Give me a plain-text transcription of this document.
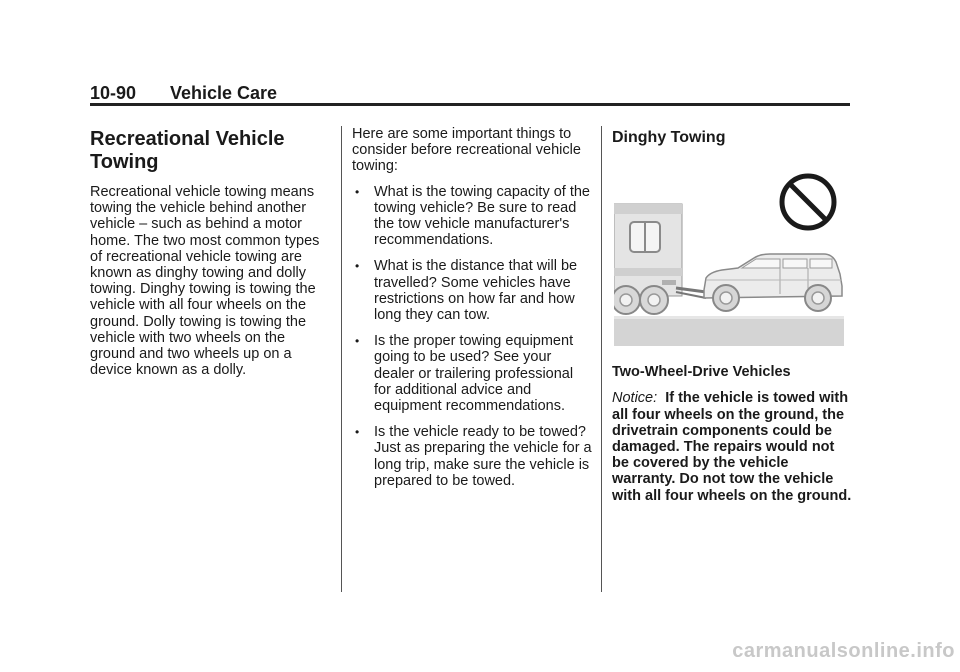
10-90 Vehicle Care
Recreational Vehicle Towing

Recreational vehicle towing means towing the vehicle behind another vehicle – such as behind a motor home. The two most common types of recreational vehicle towing are known as dinghy towing and dolly towing. Dinghy towing is towing the vehicle with all four wheels on the ground. Dolly towing is towing the vehicle with two wheels on the ground and two wheels up on a device known as a dolly.

Here are some important things to consider before recreational vehicle towing:

• What is the towing capacity of the towing vehicle? Be sure to read the tow vehicle manufacturer's recommendations.
• What is the distance that will be travelled? Some vehicles have restrictions on how far and how long they can tow.
• Is the proper towing equipment going to be used? See your dealer or trailering professional for additional advice and equipment recommendations.
• Is the vehicle ready to be towed? Just as preparing the vehicle for a long trip, make sure the vehicle is prepared to be towed.
Dinghy Towing

Two-Wheel-Drive Vehicles

Notice: If the vehicle is towed with all four wheels on the ground, the drivetrain components could be damaged. The repairs would not be covered by the vehicle warranty. Do not tow the vehicle with all four wheels on the ground.

carmanualsonline.info
